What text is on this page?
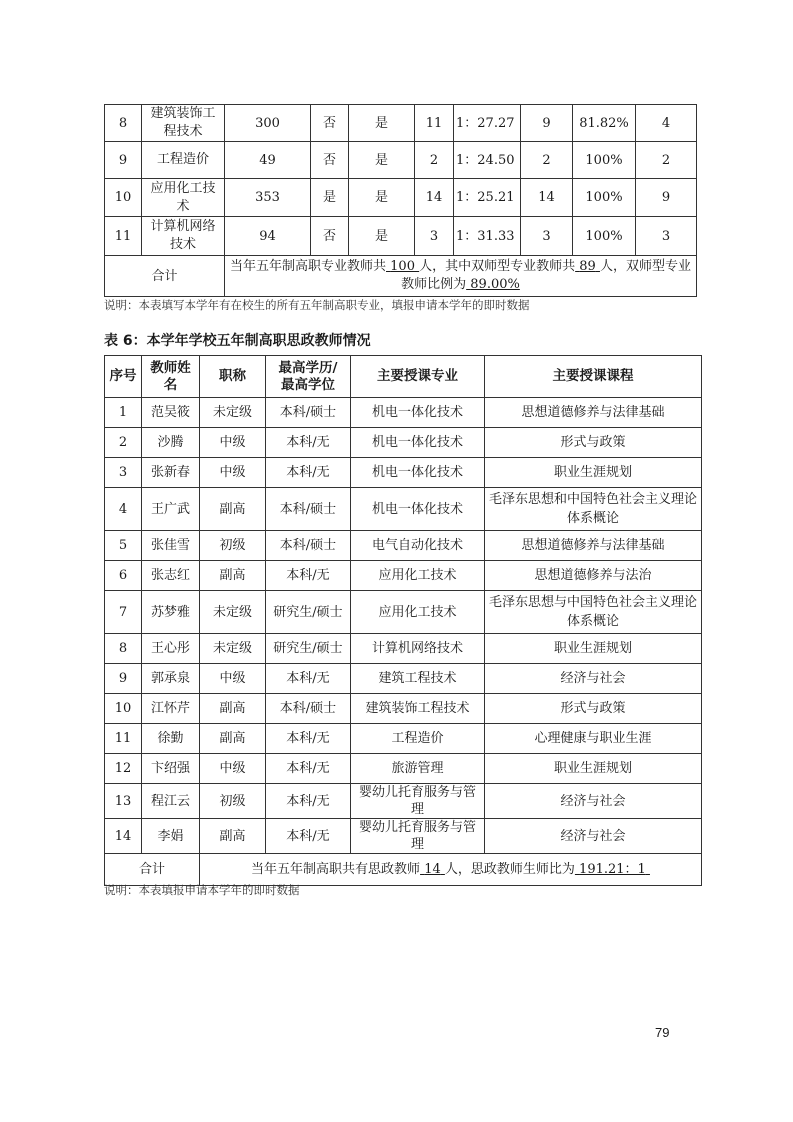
8	建筑装饰工程技术	300	否	是	11	1：27.27	9	81.82%	4
9	工程造价	49	否	是	2	1：24.50	2	100%	2
10	应用化工技术	353	是	是	14	1：25.21	14	100%	9
11	计算机网络技术	94	否	是	3	1：31.33	3	100%	3
合计		当年五年制高职专业教师共 100 人，其中双师型专业教师共 89 人，双师型专业教师比例为 89.00%							
说明：本表填写本学年有在校生的所有五年制高职专业，填报申请本学年的即时数据
表 6：本学年学校五年制高职思政教师情况
序号	教师姓名	职称	最高学历/最高学位	主要授课专业	主要授课课程
1	范吴筱	未定级	本科/硕士	机电一体化技术	思想道德修养与法律基础
2	沙腾	中级	本科/无	机电一体化技术	形式与政策
3	张新春	中级	本科/无	机电一体化技术	职业生涯规划
4	王广武	副高	本科/硕士	机电一体化技术	毛泽东思想和中国特色社会主义理论体系概论
5	张佳雪	初级	本科/硕士	电气自动化技术	思想道德修养与法律基础
6	张志红	副高	本科/无	应用化工技术	思想道德修养与法治
7	苏梦雅	未定级	研究生/硕士	应用化工技术	毛泽东思想与中国特色社会主义理论体系概论
8	王心彤	未定级	研究生/硕士	计算机网络技术	职业生涯规划
9	郭承泉	中级	本科/无	建筑工程技术	经济与社会
10	江怀芹	副高	本科/硕士	建筑装饰工程技术	形式与政策
11	徐勤	副高	本科/无	工程造价	心理健康与职业生涯
12	卞绍强	中级	本科/无	旅游管理	职业生涯规划
13	程江云	初级	本科/无	婴幼儿托育服务与管理	经济与社会
14	李娟	副高	本科/无	婴幼儿托育服务与管理	经济与社会
合计		当年五年制高职共有思政教师 14 人，思政教师生师比为 191.21：1			
说明：本表填报申请本学年的即时数据
79
